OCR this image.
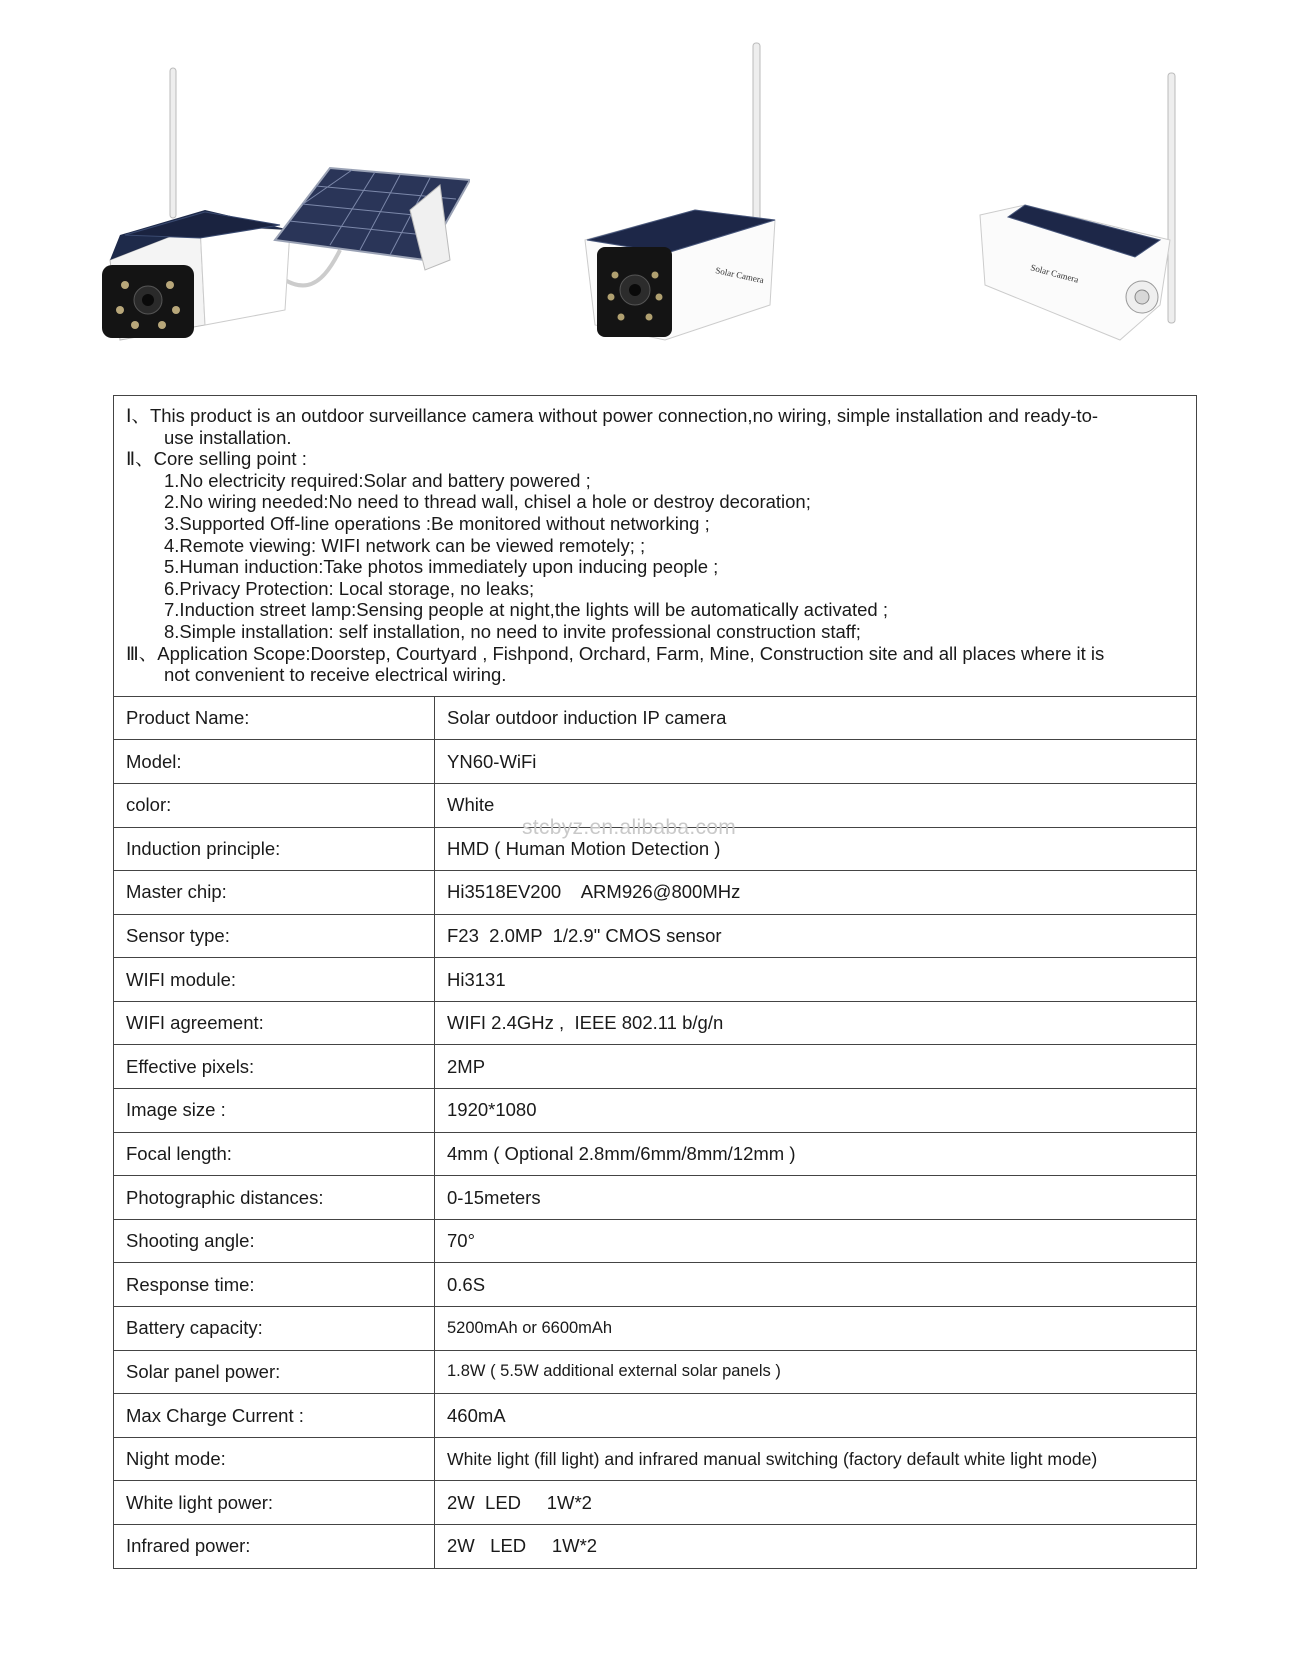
Solar Camera	Solar Camera
Ⅰ、 This product is an outdoor surveillance camera without power connection,no wiring, simple installation and ready-to-
use installation.
Ⅱ、 Core selling point :
1.No electricity required:Solar and battery powered ;
2.No wiring needed:No need to thread wall, chisel a hole or destroy decoration;
3.Supported Off-line operations :Be monitored without networking ;
4.Remote viewing: WIFI network can be viewed remotely; ;
5.Human induction:Take photos immediately upon inducing people ;
6.Privacy Protection: Local storage, no leaks;
7.Induction street lamp:Sensing people at night,the lights will be automatically activated ;
8.Simple installation: self installation, no need to invite professional construction staff;
Ⅲ、 Application Scope:Doorstep, Courtyard , Fishpond, Orchard, Farm, Mine, Construction site and all places where it is
not convenient to receive electrical wiring.
Product Name:	Solar outdoor induction IP camera
Model:	YN60-WiFi
color:	White
Induction principle:	HMD ( Human Motion Detection )
Master chip:	Hi3518EV200    ARM926@800MHz
Sensor type:	F23  2.0MP  1/2.9" CMOS sensor
WIFI module:	Hi3131
WIFI agreement:	WIFI 2.4GHz ,  IEEE 802.11 b/g/n
Effective pixels:	2MP
Image size :	1920*1080
Focal length:	4mm ( Optional 2.8mm/6mm/8mm/12mm )
Photographic distances:	0-15meters
Shooting angle:	70°
Response time:	0.6S
Battery capacity:	5200mAh or 6600mAh
Solar panel power:	1.8W ( 5.5W additional external solar panels )
Max Charge Current :	460mA
Night mode:	White light (fill light) and infrared manual switching (factory default white light mode)
White light power:	2W  LED     1W*2
Infrared power:	2W   LED     1W*2
stcbyz.en.alibaba.com
